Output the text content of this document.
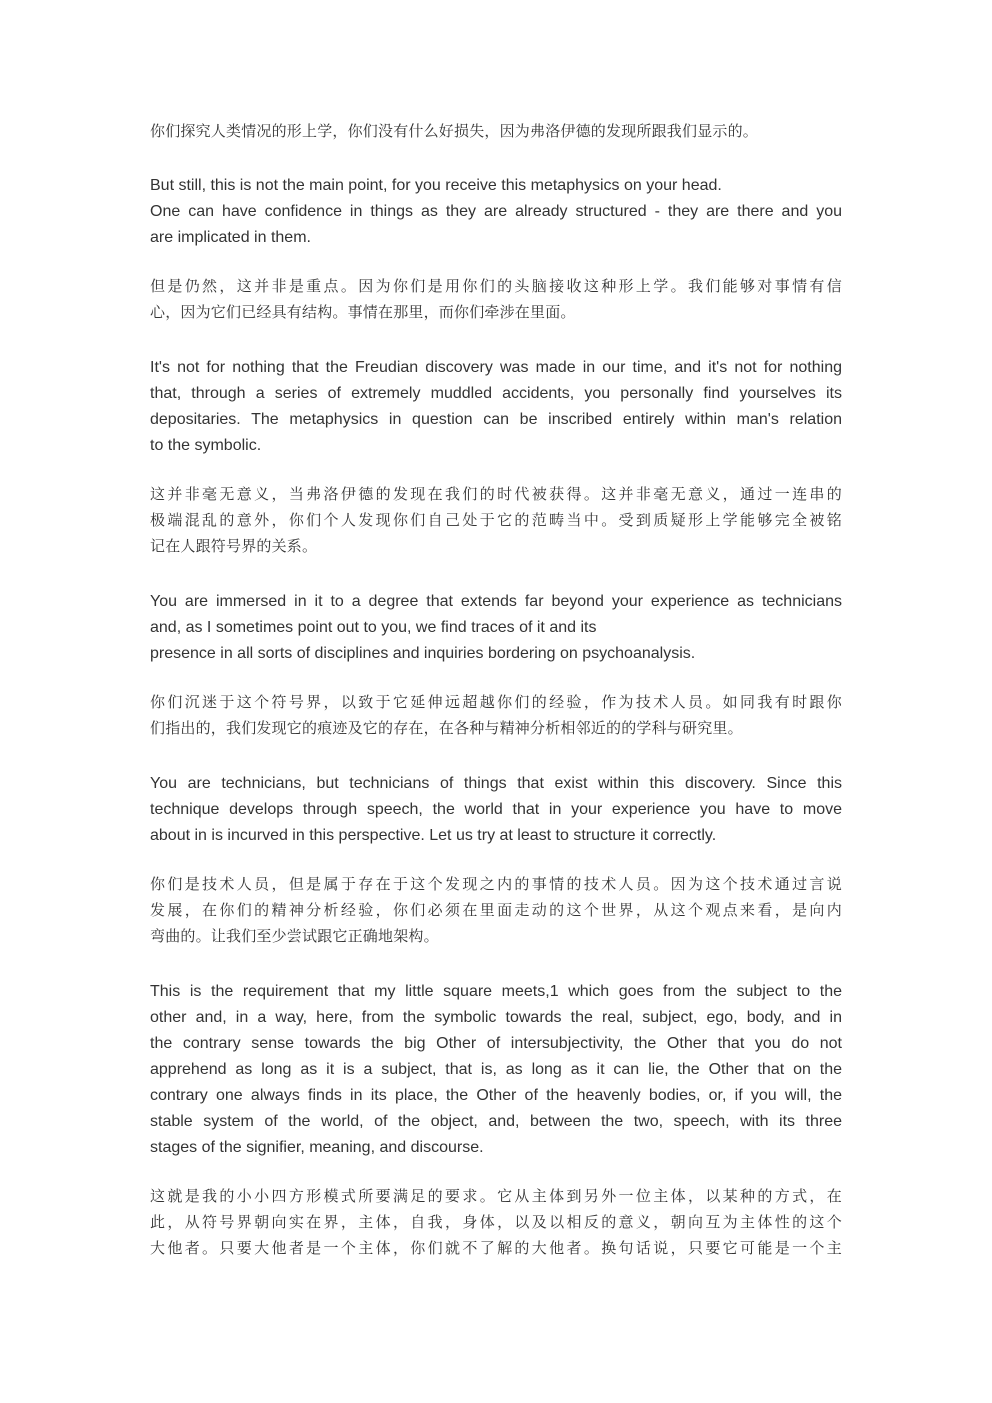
你们探究人类情况的形上学，你们没有什么好损失，因为弗洛伊德的发现所跟我们显示的。

But still, this is not the main point, for you receive this metaphysics on your head.
One can have confidence in things as they are already structured - they are there and you
are implicated in them.

但是仍然，这并非是重点。因为你们是用你们的头脑接收这种形上学。我们能够对事情有信
心，因为它们已经具有结构。事情在那里，而你们牵涉在里面。

It's not for nothing that the Freudian discovery was made in our time, and it's not for nothing
that, through a series of extremely muddled accidents, you personally find yourselves its
depositaries. The metaphysics in question can be inscribed entirely within man's relation
to the symbolic.

这并非毫无意义，当弗洛伊德的发现在我们的时代被获得。这并非毫无意义，通过一连串的
极端混乱的意外，你们个人发现你们自己处于它的范畴当中。受到质疑形上学能够完全被铭
记在人跟符号界的关系。

You are immersed in it to a degree that extends far beyond your experience as technicians
and, as I sometimes point out to you, we find traces of it and its
presence in all sorts of disciplines and inquiries bordering on psychoanalysis.

你们沉迷于这个符号界，以致于它延伸远超越你们的经验，作为技术人员。如同我有时跟你
们指出的，我们发现它的痕迹及它的存在，在各种与精神分析相邻近的的学科与研究里。

You are technicians, but technicians of things that exist within this discovery. Since this
technique develops through speech, the world that in your experience you have to move
about in is incurved in this perspective. Let us try at least to structure it correctly.

你们是技术人员，但是属于存在于这个发现之内的事情的技术人员。因为这个技术通过言说
发展，在你们的精神分析经验，你们必须在里面走动的这个世界，从这个观点来看，是向内
弯曲的。让我们至少尝试跟它正确地架构。

This is the requirement that my little square meets,1 which goes from the subject to the
other and, in a way, here, from the symbolic towards the real, subject, ego, body, and in
the contrary sense towards the big Other of intersubjectivity, the Other that you do not
apprehend as long as it is a subject, that is, as long as it can lie, the Other that on the
contrary one always finds in its place, the Other of the heavenly bodies, or, if you will, the
stable system of the world, of the object, and, between the two, speech, with its three
stages of the signifier, meaning, and discourse.

这就是我的小小四方形模式所要满足的要求。它从主体到另外一位主体，以某种的方式，在
此，从符号界朝向实在界，主体，自我，身体，以及以相反的意义，朝向互为主体性的这个
大他者。只要大他者是一个主体，你们就不了解的大他者。换句话说，只要它可能是一个主
